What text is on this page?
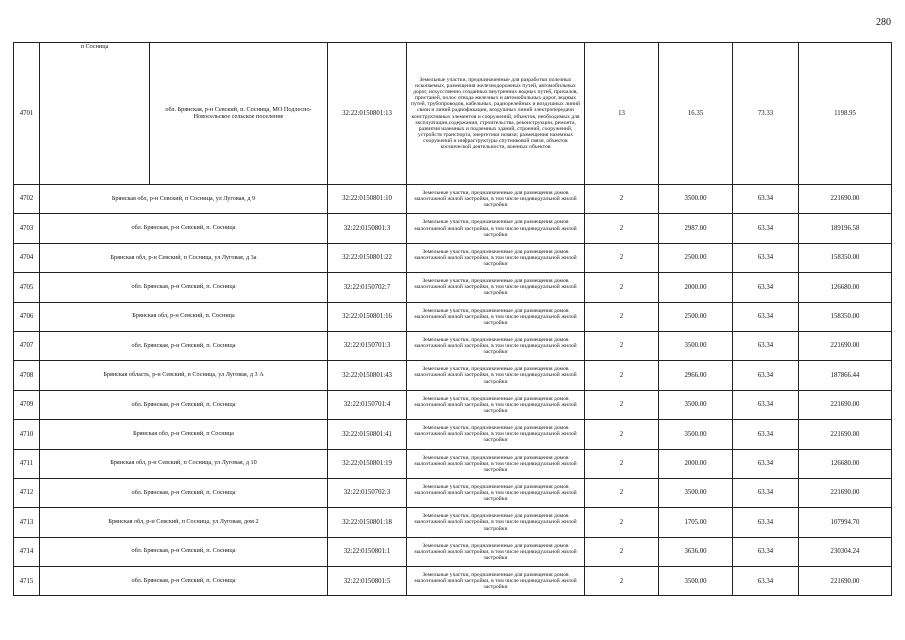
280
4701	п Сосница	обл. Брянская, р-н Севский, п. Сосница, МО Подлесно-Новосельское сельское поселение	32:22:0150801:13	Земельные участки, предназначенные для разработки полезных ископаемых, размещения железнодорожных путей, автомобильных дорог, искусственно созданных внутренних водных путей, причалов, пристаней, полос отвода железных и автомобильных дорог, водных путей, трубопроводов, кабельных, радиорелейных и воздушных линий связи и линий радиофикации, воздушных линий электропередачи конструктивных элементов и сооружений, объектов, необходимых для эксплуатации,содержания, строительства, реконструкции, ремонта, развития наземных и подземных зданий, строений, сооружений, устройств транспорта, энергетики исвязи; размещения наземных сооружений и инфраструктуры спутниковой связи, объектов космической деятельности, военных объектов	13	16.35	73.33	1198.95
4702	Брянская обл, р-н Севский, п Сосница, ул Луговая, д 9		32:22:0150801:10	Земельные участки, предназначенные для размещения домов малоэтажной жилой застройки, в том числе индивидуальной жилой застройки	2	3500.00	63.34	221690.00
4703	обл. Брянская, р-н Севский, п. Сосница		32:22:0150801:3	Земельные участки, предназначенные для размещения домов малоэтажной жилой застройки, в том числе индивидуальной жилой застройки	2	2987.00	63.34	189196.58
4704	Брянская обл, р-н Севский, п Сосница, ул Луговая, д 3а		32:22:0150801:22	Земельные участки, предназначенные для размещения домов малоэтажной жилой застройки, в том числе индивидуальной жилой застройки	2	2500.00	63.34	158350.00
4705	обл. Брянская, р-н Севский, п. Сосница		32:22:0150702:7	Земельные участки, предназначенные для размещения домов малоэтажной жилой застройки, в том числе индивидуальной жилой застройки	2	2000.00	63.34	126680.00
4706	Брянская обл, р-н Севский, п. Сосница		32:22:0150801:16	Земельные участки, предназначенные для размещения домов малоэтажной жилой застройки, в том числе индивидуальной жилой застройки	2	2500.00	63.34	158350.00
4707	обл. Брянская, р-н Севский, п. Сосница		32:22:0150701:3	Земельные участки, предназначенные для размещения домов малоэтажной жилой застройки, в том числе индивидуальной жилой застройки	2	3500.00	63.34	221690.00
4708	Брянская область, р-н Севский, п Сосница, ул Луговая, д 3 А		32:22:0150801:43	Земельные участки, предназначенные для размещения домов малоэтажной жилой застройки, в том числе индивидуальной жилой застройки	2	2966.00	63.34	187866.44
4709	обл. Брянская, р-н Севский, п. Сосница		32:22:0150701:4	Земельные участки, предназначенные для размещения домов малоэтажной жилой застройки, в том числе индивидуальной жилой застройки	2	3500.00	63.34	221690.00
4710	Брянская обл, р-н Севский, п Сосница		32:22:0150801:41	Земельные участки, предназначенные для размещения домов малоэтажной жилой застройки, в том числе индивидуальной жилой застройки	2	3500.00	63.34	221690.00
4711	Брянская обл, р-н Севский, п Сосница, ул Луговая, д 10		32:22:0150801:19	Земельные участки, предназначенные для размещения домов малоэтажной жилой застройки, в том числе индивидуальной жилой застройки	2	2000.00	63.34	126680.00
4712	обл. Брянская, р-н Севский, п. Сосница		32:22:0150702:3	Земельные участки, предназначенные для размещения домов малоэтажной жилой застройки, в том числе индивидуальной жилой застройки	2	3500.00	63.34	221690.00
4713	Брянская обл, р-н Севский, п Сосница, ул Луговая, дом 2		32:22:0150801:18	Земельные участки, предназначенные для размещения домов малоэтажной жилой застройки, в том числе индивидуальной жилой застройки	2	1705.00	63.34	107994.70
4714	обл. Брянская, р-н Севский, п. Сосница		32:22:0150801:1	Земельные участки, предназначенные для размещения домов малоэтажной жилой застройки, в том числе индивидуальной жилой застройки	2	3636.00	63.34	230304.24
4715	обл. Брянская, р-н Севский, п. Сосница		32:22:0150801:5	Земельные участки, предназначенные для размещения домов малоэтажной жилой застройки, в том числе индивидуальной жилой застройки	2	3500.00	63.34	221690.00
